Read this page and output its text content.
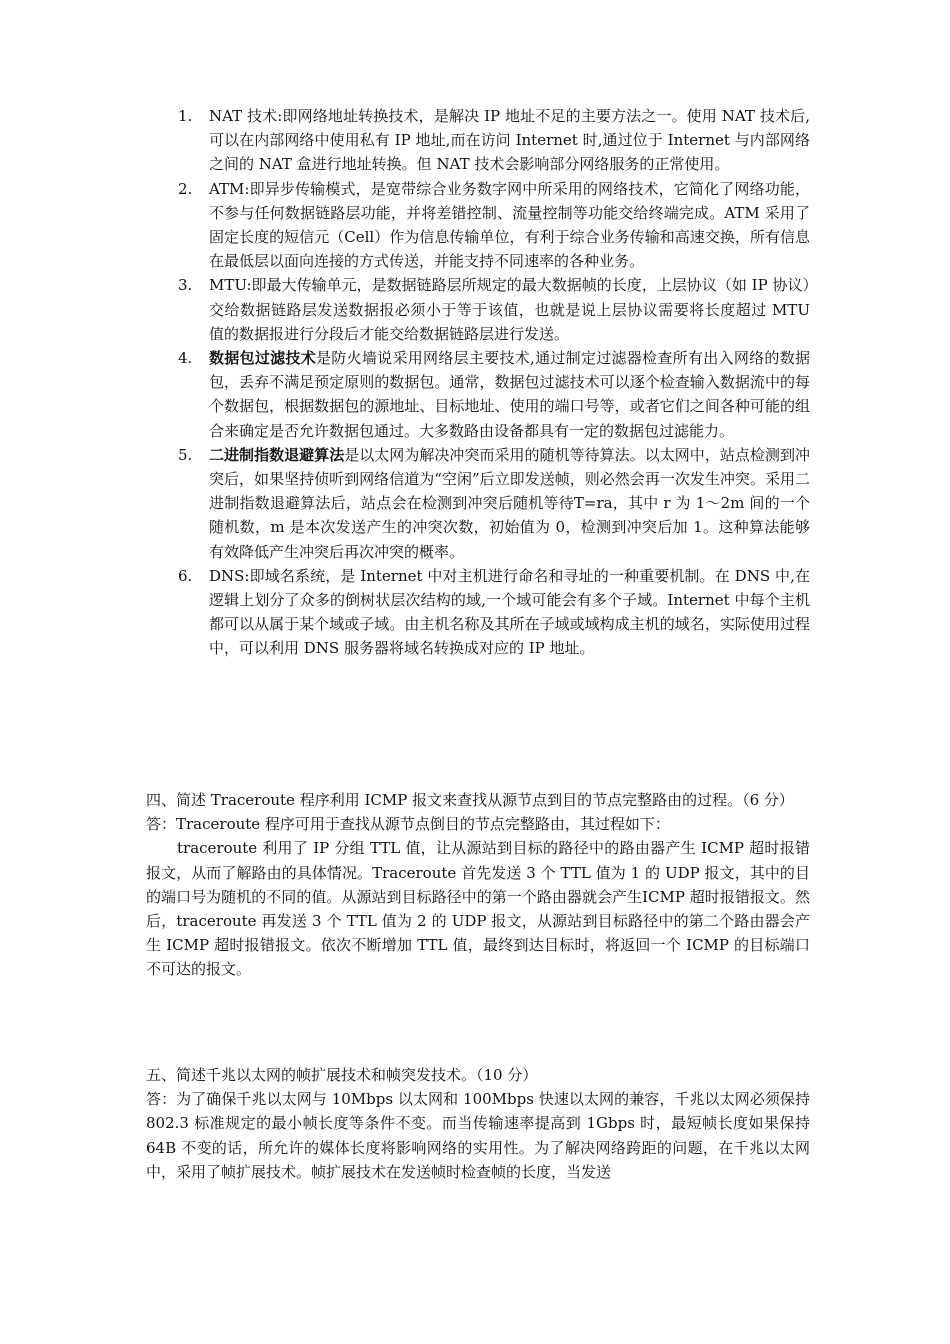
1. NAT 技术:即网络地址转换技术，是解决 IP 地址不足的主要方法之一。使用 NAT 技术后,可以在内部网络中使用私有 IP 地址,而在访问 Internet 时,通过位于 Internet 与内部网络之间的 NAT 盒进行地址转换。但 NAT 技术会影响部分网络服务的正常使用。
2. ATM:即异步传输模式，是宽带综合业务数字网中所采用的网络技术，它简化了网络功能，不参与任何数据链路层功能，并将差错控制、流量控制等功能交给终端完成。ATM 采用了固定长度的短信元（Cell）作为信息传输单位，有利于综合业务传输和高速交换，所有信息在最低层以面向连接的方式传送，并能支持不同速率的各种业务。
3. MTU:即最大传输单元，是数据链路层所规定的最大数据帧的长度，上层协议（如 IP 协议）交给数据链路层发送数据报必须小于等于该值，也就是说上层协议需要将长度超过 MTU 值的数据报进行分段后才能交给数据链路层进行发送。
4. 数据包过滤技术是防火墙说采用网络层主要技术,通过制定过滤器检查所有出入网络的数据包，丢弃不满足预定原则的数据包。通常，数据包过滤技术可以逐个检查输入数据流中的每个数据包，根据数据包的源地址、目标地址、使用的端口号等，或者它们之间各种可能的组合来确定是否允许数据包通过。大多数路由设备都具有一定的数据包过滤能力。
5. 二进制指数退避算法是以太网为解决冲突而采用的随机等待算法。以太网中，站点检测到冲突后，如果坚持侦听到网络信道为“空闲”后立即发送帧，则必然会再一次发生冲突。采用二进制指数退避算法后，站点会在检测到冲突后随机等待T=ra，其中 r 为 1～2m 间的一个随机数，m 是本次发送产生的冲突次数，初始值为 0，检测到冲突后加 1。这种算法能够有效降低产生冲突后再次冲突的概率。
6. DNS:即域名系统，是 Internet 中对主机进行命名和寻址的一种重要机制。在 DNS 中,在逻辑上划分了众多的倒树状层次结构的域,一个域可能会有多个子域。Internet 中每个主机都可以从属于某个域或子域。由主机名称及其所在子域或域构成主机的域名，实际使用过程中，可以利用 DNS 服务器将域名转换成对应的 IP 地址。
四、简述 Traceroute 程序利用 ICMP 报文来查找从源节点到目的节点完整路由的过程。（6 分）
答：Traceroute 程序可用于查找从源节点倒目的节点完整路由，其过程如下：
traceroute 利用了 IP 分组 TTL 值，让从源站到目标的路径中的路由器产生 ICMP 超时报错报文，从而了解路由的具体情况。Traceroute 首先发送 3 个 TTL 值为 1 的 UDP 报文，其中的目的端口号为随机的不同的值。从源站到目标路径中的第一个路由器就会产生ICMP 超时报错报文。然后，traceroute 再发送 3 个 TTL 值为 2 的 UDP 报文，从源站到目标路径中的第二个路由器会产生 ICMP 超时报错报文。依次不断增加 TTL 值，最终到达目标时，将返回一个 ICMP 的目标端口不可达的报文。
五、简述千兆以太网的帧扩展技术和帧突发技术。（10 分）
答：为了确保千兆以太网与 10Mbps 以太网和 100Mbps 快速以太网的兼容，千兆以太网必须保持 802.3 标准规定的最小帧长度等条件不变。而当传输速率提高到 1Gbps 时，最短帧长度如果保持 64B 不变的话，所允许的媒体长度将影响网络的实用性。为了解决网络跨距的问题，在千兆以太网中，采用了帧扩展技术。帧扩展技术在发送帧时检查帧的长度，当发送
